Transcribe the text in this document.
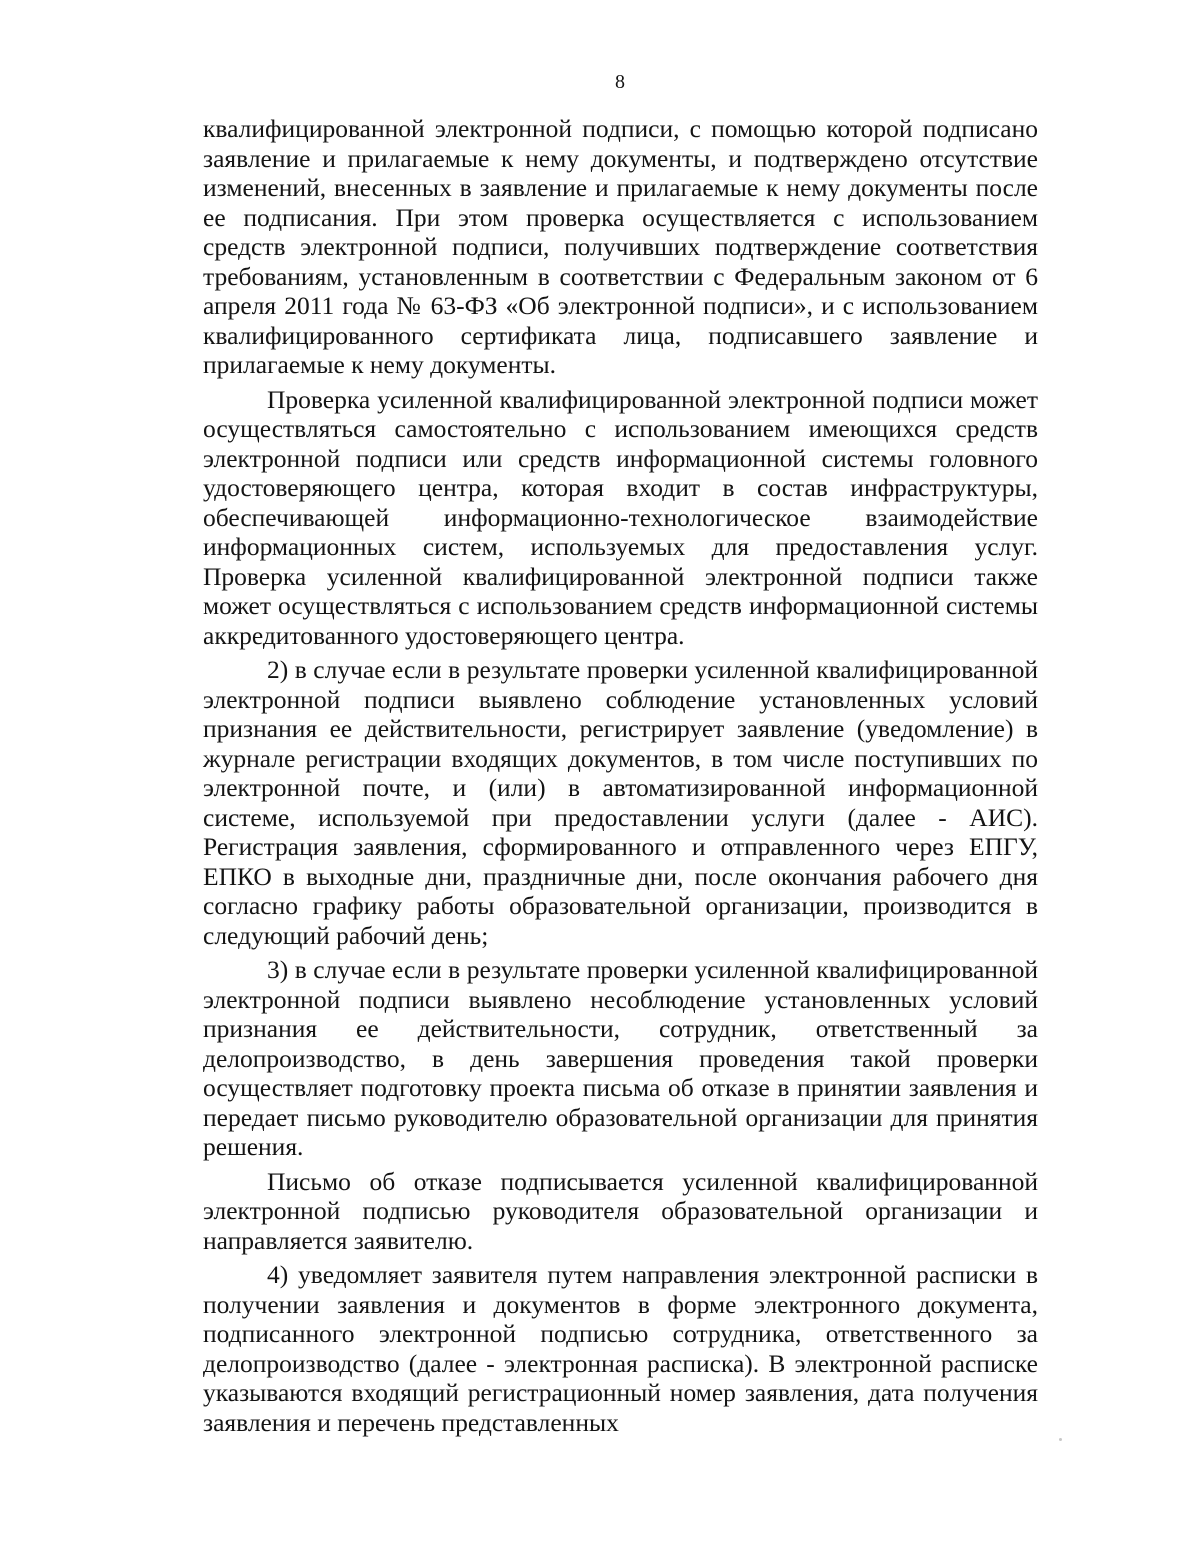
8

квалифицированной электронной подписи, с помощью которой подписано заявление и прилагаемые к нему документы, и подтверждено отсутствие изменений, внесенных в заявление и прилагаемые к нему документы после ее подписания. При этом проверка осуществляется с использованием средств электронной подписи, получивших подтверждение соответствия требованиям, установленным в соответствии с Федеральным законом от 6 апреля 2011 года № 63-ФЗ «Об электронной подписи», и с использованием квалифицированного сертификата лица, подписавшего заявление и прилагаемые к нему документы.

Проверка усиленной квалифицированной электронной подписи может осуществляться самостоятельно с использованием имеющихся средств электронной подписи или средств информационной системы головного удостоверяющего центра, которая входит в состав инфраструктуры, обеспечивающей информационно-технологическое взаимодействие информационных систем, используемых для предоставления услуг. Проверка усиленной квалифицированной электронной подписи также может осуществляться с использованием средств информационной системы аккредитованного удостоверяющего центра.

2) в случае если в результате проверки усиленной квалифицированной электронной подписи выявлено соблюдение установленных условий признания ее действительности, регистрирует заявление (уведомление) в журнале регистрации входящих документов, в том числе поступивших по электронной почте, и (или) в автоматизированной информационной системе, используемой при предоставлении услуги (далее - АИС). Регистрация заявления, сформированного и отправленного через ЕПГУ, ЕПКО в выходные дни, праздничные дни, после окончания рабочего дня согласно графику работы образовательной организации, производится в следующий рабочий день;

3) в случае если в результате проверки усиленной квалифицированной электронной подписи выявлено несоблюдение установленных условий признания ее действительности, сотрудник, ответственный за делопроизводство, в день завершения проведения такой проверки осуществляет подготовку проекта письма об отказе в принятии заявления и передает письмо руководителю образовательной организации для принятия решения.

Письмо об отказе подписывается усиленной квалифицированной электронной подписью руководителя образовательной организации и направляется заявителю.

4) уведомляет заявителя путем направления электронной расписки в получении заявления и документов в форме электронного документа, подписанного электронной подписью сотрудника, ответственного за делопроизводство (далее - электронная расписка). В электронной расписке указываются входящий регистрационный номер заявления, дата получения заявления и перечень представленных
